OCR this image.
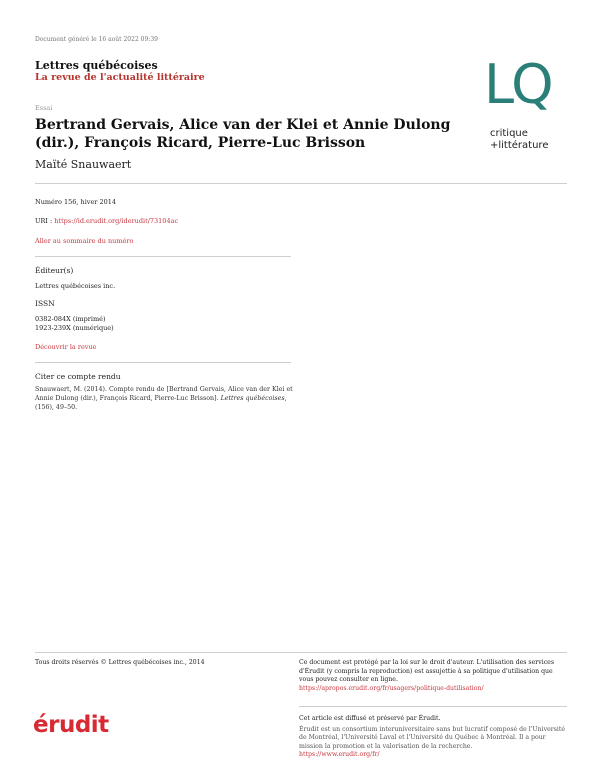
Document généré le 16 août 2022 09:39
Lettres québécoises
La revue de l'actualité littéraire	LQ
critique
+littérature
Essai
Bertrand Gervais, Alice van der Klei et Annie Dulong (dir.), François Ricard, Pierre-Luc Brisson
Maïté Snauwaert
Numéro 156, hiver 2014
URI : https://id.erudit.org/iderudit/73104ac
Aller au sommaire du numéro
Éditeur(s)
Lettres québécoises inc.
ISSN
0382-084X (imprimé)
1923-239X (numérique)
Découvrir la revue
Citer ce compte rendu
Snauwaert, M. (2014). Compte rendu de [Bertrand Gervais, Alice van der Klei et Annie Dulong (dir.), François Ricard, Pierre-Luc Brisson]. Lettres québécoises, (156), 49–50.
Tous droits réservés © Lettres québécoises inc., 2014	Ce document est protégé par la loi sur le droit d'auteur. L'utilisation des services d'Érudit (y compris la reproduction) est assujettie à sa politique d'utilisation que vous pouvez consulter en ligne.
https://apropos.erudit.org/fr/usagers/politique-dutilisation/
érudit	Cet article est diffusé et préservé par Érudit.
Érudit est un consortium interuniversitaire sans but lucratif composé de l'Université de Montréal, l'Université Laval et l'Université du Québec à Montréal. Il a pour mission la promotion et la valorisation de la recherche.
https://www.erudit.org/fr/
